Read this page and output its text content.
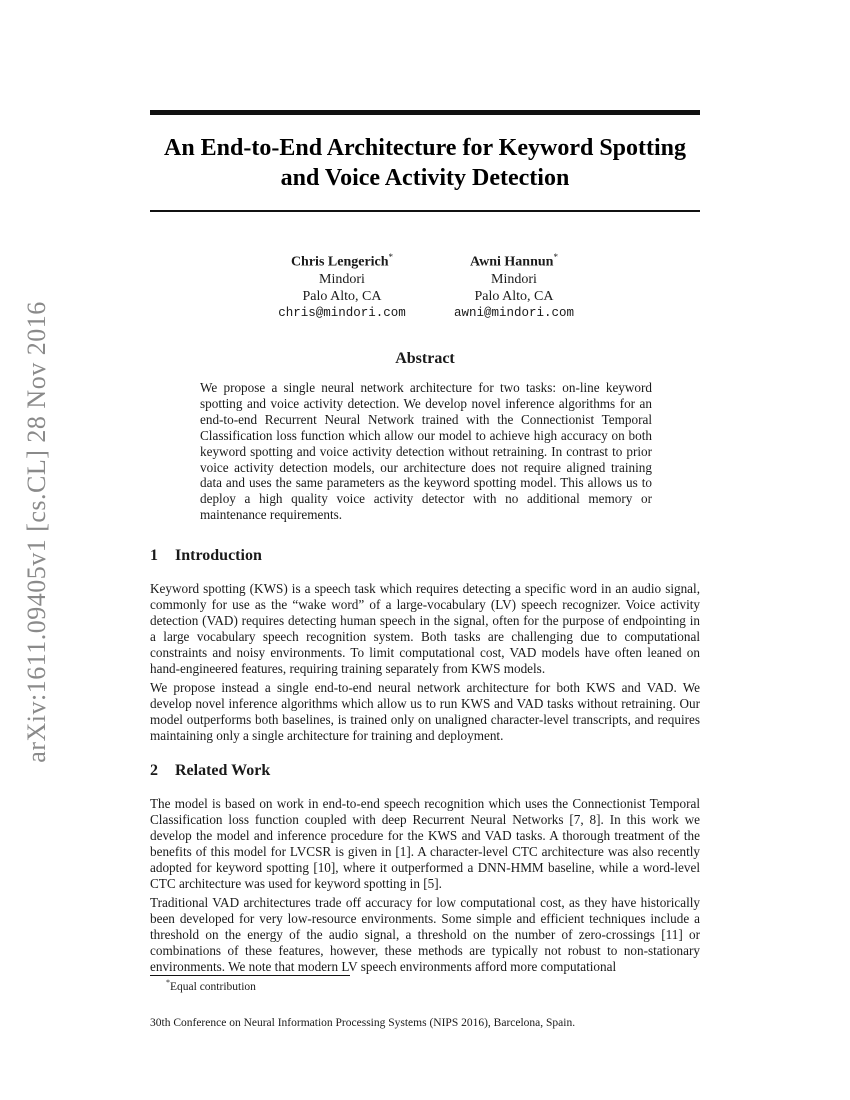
arXiv:1611.09405v1 [cs.CL] 28 Nov 2016
An End-to-End Architecture for Keyword Spotting and Voice Activity Detection
Chris Lengerich*
Mindori
Palo Alto, CA
chris@mindori.com
Awni Hannun*
Mindori
Palo Alto, CA
awni@mindori.com
Abstract

We propose a single neural network architecture for two tasks: on-line keyword spotting and voice activity detection. We develop novel inference algorithms for an end-to-end Recurrent Neural Network trained with the Connectionist Temporal Classification loss function which allow our model to achieve high accuracy on both keyword spotting and voice activity detection without retraining. In contrast to prior voice activity detection models, our architecture does not require aligned training data and uses the same parameters as the keyword spotting model. This allows us to deploy a high quality voice activity detector with no additional memory or maintenance requirements.

1 Introduction

Keyword spotting (KWS) is a speech task which requires detecting a specific word in an audio signal, commonly for use as the “wake word” of a large-vocabulary (LV) speech recognizer. Voice activity detection (VAD) requires detecting human speech in the signal, often for the purpose of endpointing in a large vocabulary speech recognition system. Both tasks are challenging due to computational constraints and noisy environments. To limit computational cost, VAD models have often leaned on hand-engineered features, requiring training separately from KWS models.

We propose instead a single end-to-end neural network architecture for both KWS and VAD. We develop novel inference algorithms which allow us to run KWS and VAD tasks without retraining. Our model outperforms both baselines, is trained only on unaligned character-level transcripts, and requires maintaining only a single architecture for training and deployment.

2 Related Work

The model is based on work in end-to-end speech recognition which uses the Connectionist Temporal Classification loss function coupled with deep Recurrent Neural Networks [7, 8]. In this work we develop the model and inference procedure for the KWS and VAD tasks. A thorough treatment of the benefits of this model for LVCSR is given in [1]. A character-level CTC architecture was also recently adopted for keyword spotting [10], where it outperformed a DNN-HMM baseline, while a word-level CTC architecture was used for keyword spotting in [5].

Traditional VAD architectures trade off accuracy for low computational cost, as they have historically been developed for very low-resource environments. Some simple and efficient techniques include a threshold on the energy of the audio signal, a threshold on the number of zero-crossings [11] or combinations of these features, however, these methods are typically not robust to non-stationary environments. We note that modern LV speech environments afford more computational

*Equal contribution
30th Conference on Neural Information Processing Systems (NIPS 2016), Barcelona, Spain.
